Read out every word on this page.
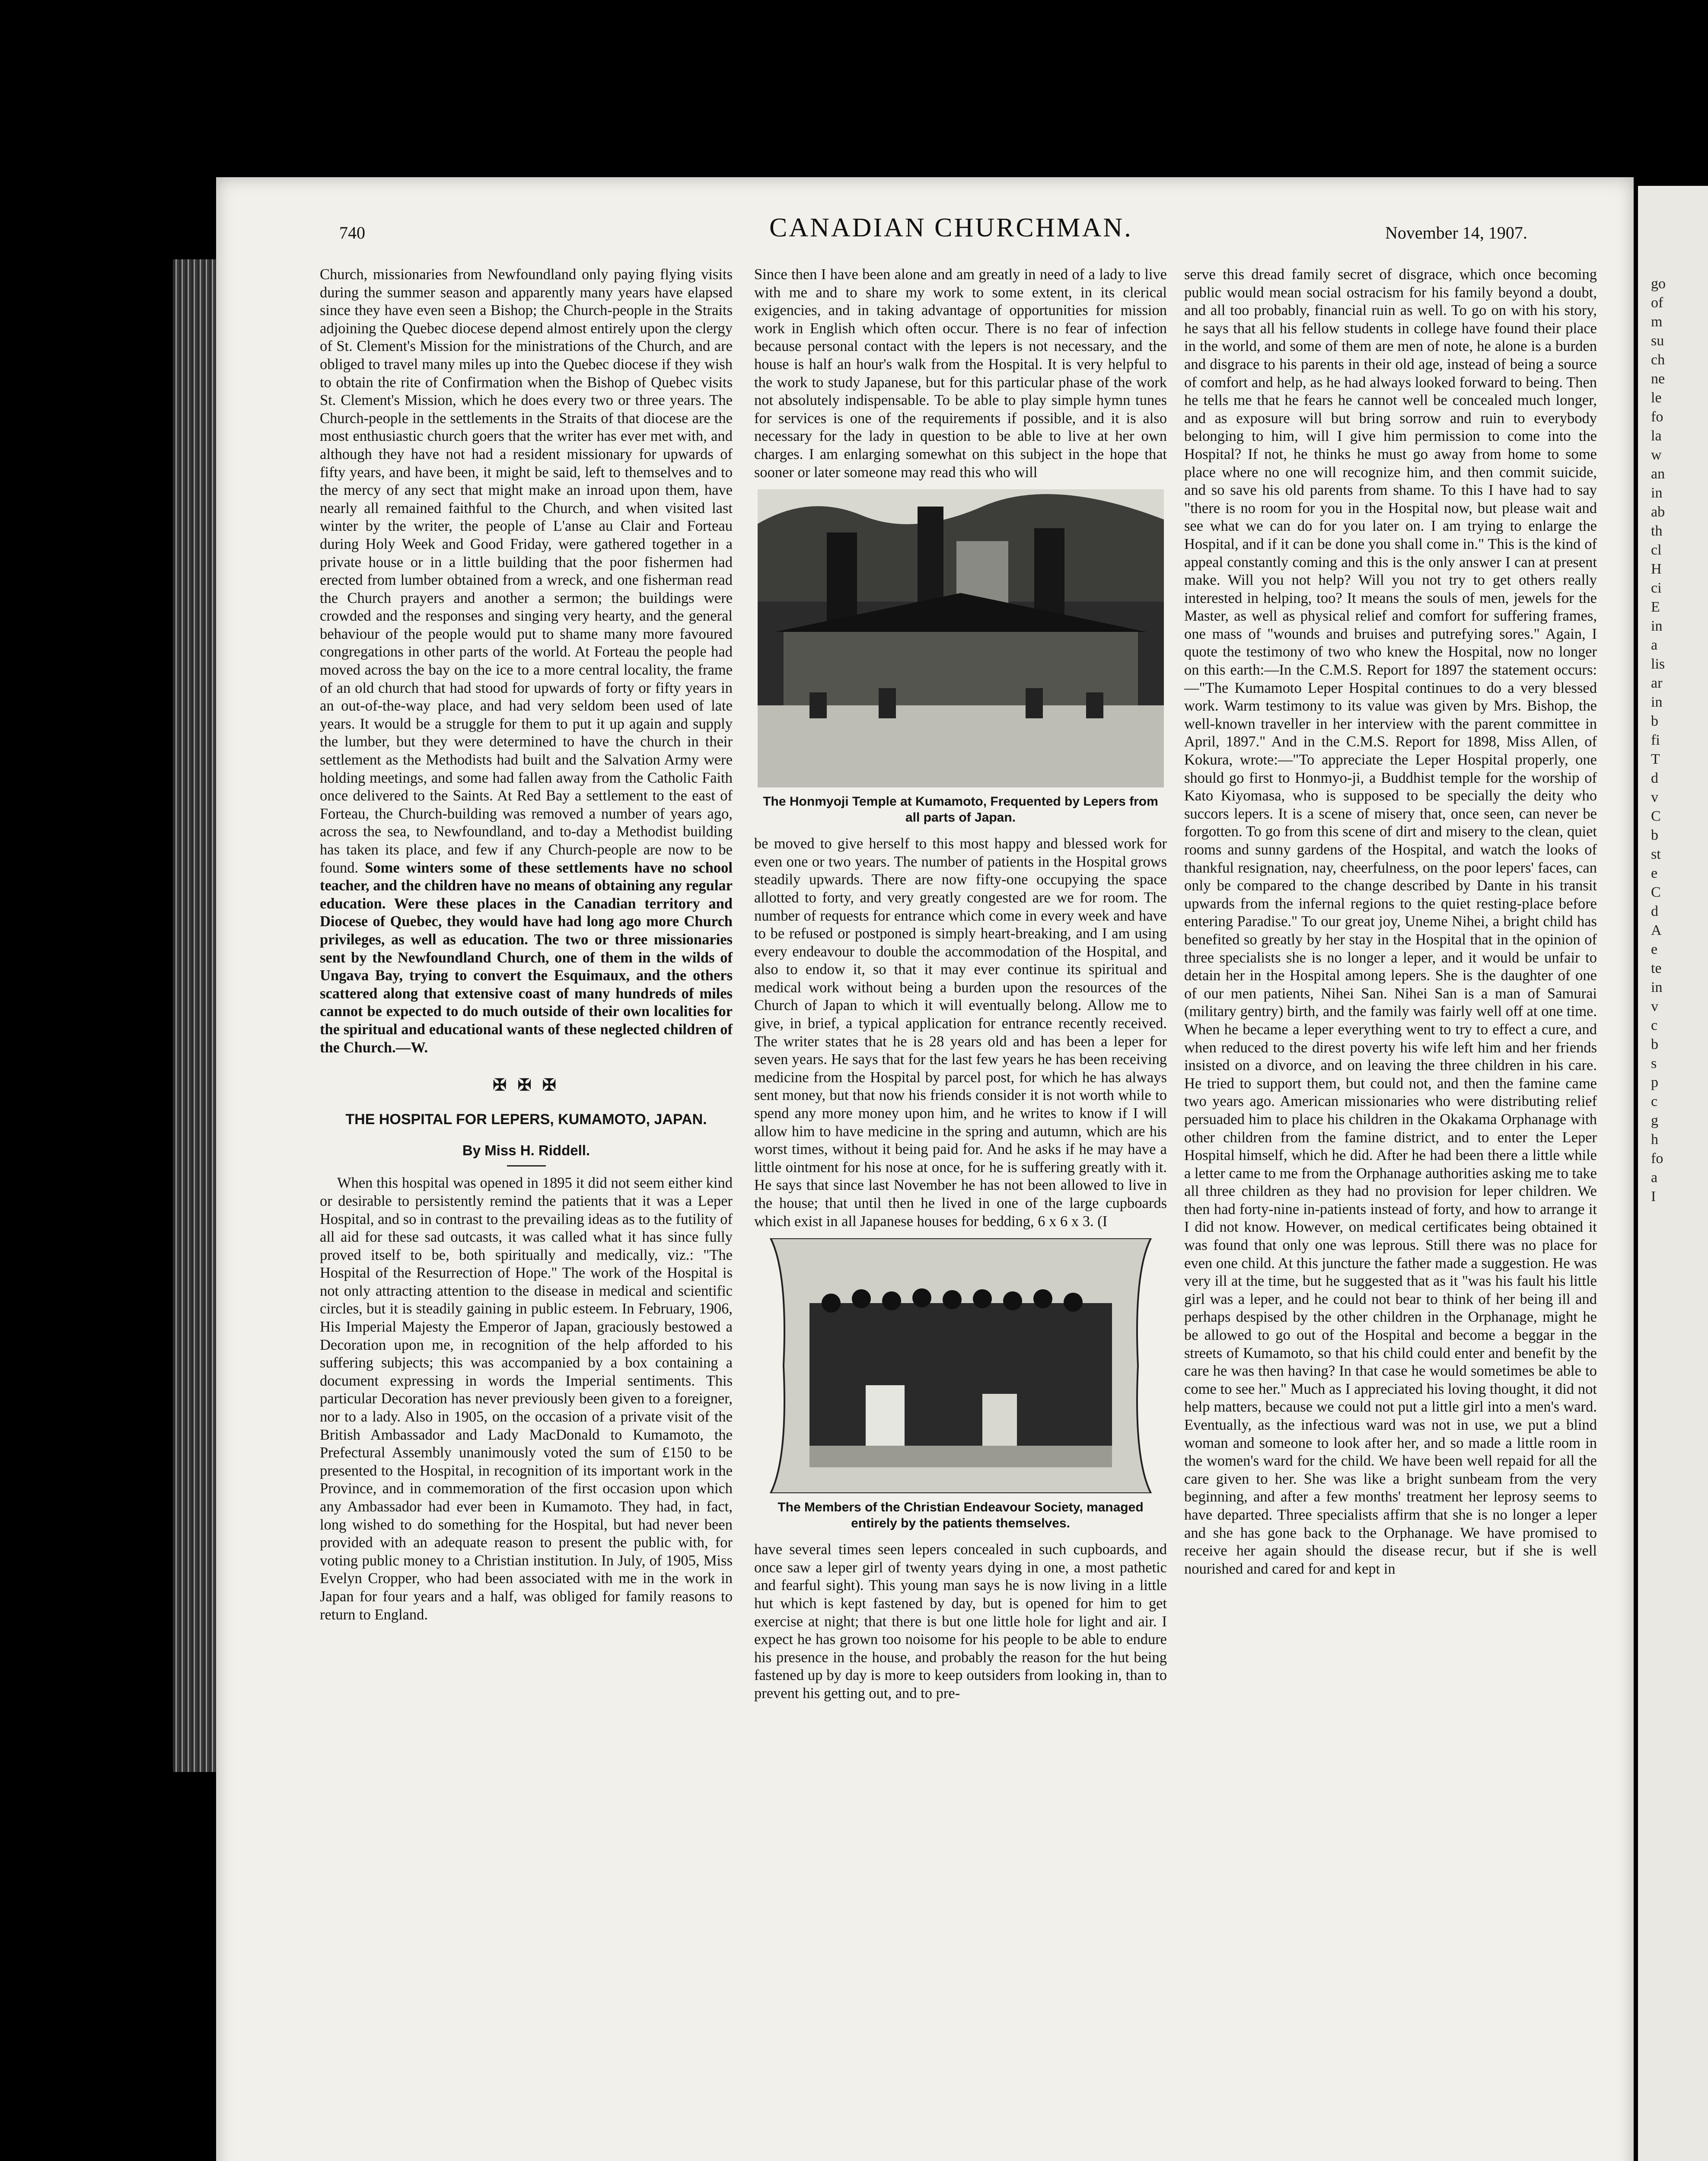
740	CANADIAN CHURCHMAN.	November 14, 1907.

Church, missionaries from Newfoundland only paying flying visits during the summer season and apparently many years have elapsed since they have even seen a Bishop; the Church-people in the Straits adjoining the Quebec diocese depend almost entirely upon the clergy of St. Clement's Mission for the ministrations of the Church, and are obliged to travel many miles up into the Quebec diocese if they wish to obtain the rite of Confirmation when the Bishop of Quebec visits St. Clement's Mission, which he does every two or three years. The Church-people in the settlements in the Straits of that diocese are the most enthusiastic church goers that the writer has ever met with, and although they have not had a resident missionary for upwards of fifty years, and have been, it might be said, left to themselves and to the mercy of any sect that might make an inroad upon them, have nearly all remained faithful to the Church, and when visited last winter by the writer, the people of L'anse au Clair and Forteau during Holy Week and Good Friday, were gathered together in a private house or in a little building that the poor fishermen had erected from lumber obtained from a wreck, and one fisherman read the Church prayers and another a sermon; the buildings were crowded and the responses and singing very hearty, and the general behaviour of the people would put to shame many more favoured congregations in other parts of the world. At Forteau the people had moved across the bay on the ice to a more central locality, the frame of an old church that had stood for upwards of forty or fifty years in an out-of-the-way place, and had very seldom been used of late years. It would be a struggle for them to put it up again and supply the lumber, but they were determined to have the church in their settlement as the Methodists had built and the Salvation Army were holding meetings, and some had fallen away from the Catholic Faith once delivered to the Saints. At Red Bay a settlement to the east of Forteau, the Church-building was removed a number of years ago, across the sea, to Newfoundland, and to-day a Methodist building has taken its place, and few if any Church-people are now to be found. Some winters some of these settlements have no school teacher, and the children have no means of obtaining any regular education. Were these places in the Canadian territory and Diocese of Quebec, they would have had long ago more Church privileges, as well as education. The two or three missionaries sent by the Newfoundland Church, one of them in the wilds of Ungava Bay, trying to convert the Esquimaux, and the others scattered along that extensive coast of many hundreds of miles cannot be expected to do much outside of their own localities for the spiritual and educational wants of these neglected children of the Church.—W.

✠ ✠ ✠
THE HOSPITAL FOR LEPERS, KUMAMOTO, JAPAN.
By Miss H. Riddell.

When this hospital was opened in 1895 it did not seem either kind or desirable to persistently remind the patients that it was a Leper Hospital, and so in contrast to the prevailing ideas as to the futility of all aid for these sad outcasts, it was called what it has since fully proved itself to be, both spiritually and medically, viz.: "The Hospital of the Resurrection of Hope." The work of the Hospital is not only attracting attention to the disease in medical and scientific circles, but it is steadily gaining in public esteem. In February, 1906, His Imperial Majesty the Emperor of Japan, graciously bestowed a Decoration upon me, in recognition of the help afforded to his suffering subjects; this was accompanied by a box containing a document expressing in words the Imperial sentiments. This particular Decoration has never previously been given to a foreigner, nor to a lady. Also in 1905, on the occasion of a private visit of the British Ambassador and Lady MacDonald to Kumamoto, the Prefectural Assembly unanimously voted the sum of £150 to be presented to the Hospital, in recognition of its important work in the Province, and in commemoration of the first occasion upon which any Ambassador had ever been in Kumamoto. They had, in fact, long wished to do something for the Hospital, but had never been provided with an adequate reason to present the public with, for voting public money to a Christian institution. In July, of 1905, Miss Evelyn Cropper, who had been associated with me in the work in Japan for four years and a half, was obliged for family reasons to return to England.

Since then I have been alone and am greatly in need of a lady to live with me and to share my work to some extent, in its clerical exigencies, and in taking advantage of opportunities for mission work in English which often occur. There is no fear of infection because personal contact with the lepers is not necessary, and the house is half an hour's walk from the Hospital. It is very helpful to the work to study Japanese, but for this particular phase of the work not absolutely indispensable. To be able to play simple hymn tunes for services is one of the requirements if possible, and it is also necessary for the lady in question to be able to live at her own charges. I am enlarging somewhat on this subject in the hope that sooner or later someone may read this who will

The Honmyoji Temple at Kumamoto, Frequented by Lepers from all parts of Japan.

be moved to give herself to this most happy and blessed work for even one or two years. The number of patients in the Hospital grows steadily upwards. There are now fifty-one occupying the space allotted to forty, and very greatly congested are we for room. The number of requests for entrance which come in every week and have to be refused or postponed is simply heart-breaking, and I am using every endeavour to double the accommodation of the Hospital, and also to endow it, so that it may ever continue its spiritual and medical work without being a burden upon the resources of the Church of Japan to which it will eventually belong. Allow me to give, in brief, a typical application for entrance recently received. The writer states that he is 28 years old and has been a leper for seven years. He says that for the last few years he has been receiving medicine from the Hospital by parcel post, for which he has always sent money, but that now his friends consider it is not worth while to spend any more money upon him, and he writes to know if I will allow him to have medicine in the spring and autumn, which are his worst times, without it being paid for. And he asks if he may have a little ointment for his nose at once, for he is suffering greatly with it. He says that since last November he has not been allowed to live in the house; that until then he lived in one of the large cupboards which exist in all Japanese houses for bedding, 6 x 6 x 3. (I

The Members of the Christian Endeavour Society, managed entirely by the patients themselves.

have several times seen lepers concealed in such cupboards, and once saw a leper girl of twenty years dying in one, a most pathetic and fearful sight). This young man says he is now living in a little hut which is kept fastened by day, but is opened for him to get exercise at night; that there is but one little hole for light and air. I expect he has grown too noisome for his people to be able to endure his presence in the house, and probably the reason for the hut being fastened up by day is more to keep outsiders from looking in, than to prevent his getting out, and to pre-

serve this dread family secret of disgrace, which once becoming public would mean social ostracism for his family beyond a doubt, and all too probably, financial ruin as well. To go on with his story, he says that all his fellow students in college have found their place in the world, and some of them are men of note, he alone is a burden and disgrace to his parents in their old age, instead of being a source of comfort and help, as he had always looked forward to being. Then he tells me that he fears he cannot well be concealed much longer, and as exposure will but bring sorrow and ruin to everybody belonging to him, will I give him permission to come into the Hospital? If not, he thinks he must go away from home to some place where no one will recognize him, and then commit suicide, and so save his old parents from shame. To this I have had to say "there is no room for you in the Hospital now, but please wait and see what we can do for you later on. I am trying to enlarge the Hospital, and if it can be done you shall come in." This is the kind of appeal constantly coming and this is the only answer I can at present make. Will you not help? Will you not try to get others really interested in helping, too? It means the souls of men, jewels for the Master, as well as physical relief and comfort for suffering frames, one mass of "wounds and bruises and putrefying sores." Again, I quote the testimony of two who knew the Hospital, now no longer on this earth:—In the C.M.S. Report for 1897 the statement occurs:—"The Kumamoto Leper Hospital continues to do a very blessed work. Warm testimony to its value was given by Mrs. Bishop, the well-known traveller in her interview with the parent committee in April, 1897." And in the C.M.S. Report for 1898, Miss Allen, of Kokura, wrote:—"To appreciate the Leper Hospital properly, one should go first to Honmyo-ji, a Buddhist temple for the worship of Kato Kiyomasa, who is supposed to be specially the deity who succors lepers. It is a scene of misery that, once seen, can never be forgotten. To go from this scene of dirt and misery to the clean, quiet rooms and sunny gardens of the Hospital, and watch the looks of thankful resignation, nay, cheerfulness, on the poor lepers' faces, can only be compared to the change described by Dante in his transit upwards from the infernal regions to the quiet resting-place before entering Paradise." To our great joy, Uneme Nihei, a bright child has benefited so greatly by her stay in the Hospital that in the opinion of three specialists she is no longer a leper, and it would be unfair to detain her in the Hospital among lepers. She is the daughter of one of our men patients, Nihei San. Nihei San is a man of Samurai (military gentry) birth, and the family was fairly well off at one time. When he became a leper everything went to try to effect a cure, and when reduced to the direst poverty his wife left him and her friends insisted on a divorce, and on leaving the three children in his care. He tried to support them, but could not, and then the famine came two years ago. American missionaries who were distributing relief persuaded him to place his children in the Okakama Orphanage with other children from the famine district, and to enter the Leper Hospital himself, which he did. After he had been there a little while a letter came to me from the Orphanage authorities asking me to take all three children as they had no provision for leper children. We then had forty-nine in-patients instead of forty, and how to arrange it I did not know. However, on medical certificates being obtained it was found that only one was leprous. Still there was no place for even one child. At this juncture the father made a suggestion. He was very ill at the time, but he suggested that as it "was his fault his little girl was a leper, and he could not bear to think of her being ill and perhaps despised by the other children in the Orphanage, might he be allowed to go out of the Hospital and become a beggar in the streets of Kumamoto, so that his child could enter and benefit by the care he was then having? In that case he would sometimes be able to come to see her." Much as I appreciated his loving thought, it did not help matters, because we could not put a little girl into a men's ward. Eventually, as the infectious ward was not in use, we put a blind woman and someone to look after her, and so made a little room in the women's ward for the child. We have been well repaid for all the care given to her. She was like a bright sunbeam from the very beginning, and after a few months' treatment her leprosy seems to have departed. Three specialists affirm that she is no longer a leper and she has gone back to the Orphanage. We have promised to receive her again should the disease recur, but if she is well nourished and cared for and kept in

go
of
m
su
ch
ne
le
fo
la
w
an
in
ab
th
cl
H
ci
E
in
a
lis
ar
in
b
fi
T
d
v
C
b
st
e
C
d
A
e
te
in
v
c
b
s
p
c
g
h
fo
a
I
